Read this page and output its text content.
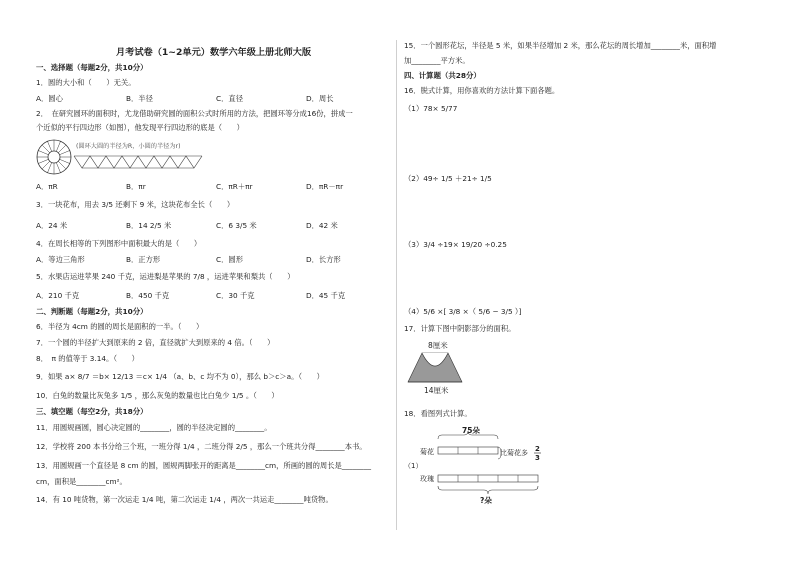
月考试卷（1~2单元）数学六年级上册北师大版
一、选择题（每题2分，共10分）
1．圆的大小和（　　）无关。
A．圆心	B．半径	C．直径	D．周长
2．　在研究圆环的面积时，尤龙借助研究圆的面积公式时所用的方法，把圆环等分成16份，拼成一
个近似的平行四边形（如图），他发现平行四边形的底是（　　）
(圆环大圆的半径为R，小圆的半径为r)
A．πR	B．πr	C．πR＋πr	D．πR－πr
3．一块花布，用去 3/5 还剩下 9 米，这块花布全长（　　）
A．24 米	B．14 2/5 米	C．6 3/5 米	D．42 米
4．在周长相等的下列图形中面积最大的是（　　）
A．等边三角形	B．正方形	C．圆形	D．长方形
5．水果店运进苹果 240 千克，运进梨是苹果的 7/8 ，运进苹果和梨共（　　）
A．210 千克	B．450 千克	C．30 千克	D．45 千克
二、判断题（每题2分，共10分）
6．半径为 4cm 的圆的周长是面积的一半。（　　）
7．一个圆的半径扩大到原来的 2 倍，直径就扩大到原来的 4 倍。（　　）
8．　π 的值等于 3.14。（　　）
9．如果 a× 8/7 ＝b× 12/13 ＝c× 1/4 （a、b、c 均不为 0），那么 b＞c＞a。（　　）
10．白兔的数量比灰兔多 1/5 ，那么灰兔的数量也比白兔少 1/5 。（　　）
三、填空题（每空2分，共18分）
11．用圆规画圆，圆心决定圆的________，圆的半径决定圆的________。
12．学校将 200 本书分给三个班，一班分得 1/4 ，二班分得 2/5 ，那么一个班共分得________本书。
13．用圆规画一个直径是 8 cm 的圆，圆规两脚张开的距离是________cm，所画的圆的周长是________
cm，面积是________cm²。
14．有 10 吨货物，第一次运走 1/4 吨，第二次运走 1/4 ，两次一共运走________吨货物。
15．一个圆形花坛，半径是 5 米，如果半径增加 2 米，那么花坛的周长增加________米，面积增
加________平方米。
四、计算题（共28分）
16．脱式计算，用你喜欢的方法计算下面各题。
（1）78× 5/77
（2）49÷ 1/5 ＋21÷ 1/5
（3）3/4 ÷19× 19/20 ÷0.25
（4）5/6 ×[ 3/8 ×（ 5/6 − 3/5 ）]
17．计算下图中阴影部分的面积。
8厘米
14厘米
18．看图列式计算。
75朵
菊花	比菊花多 2
3
（1）
玫瑰
?朵
